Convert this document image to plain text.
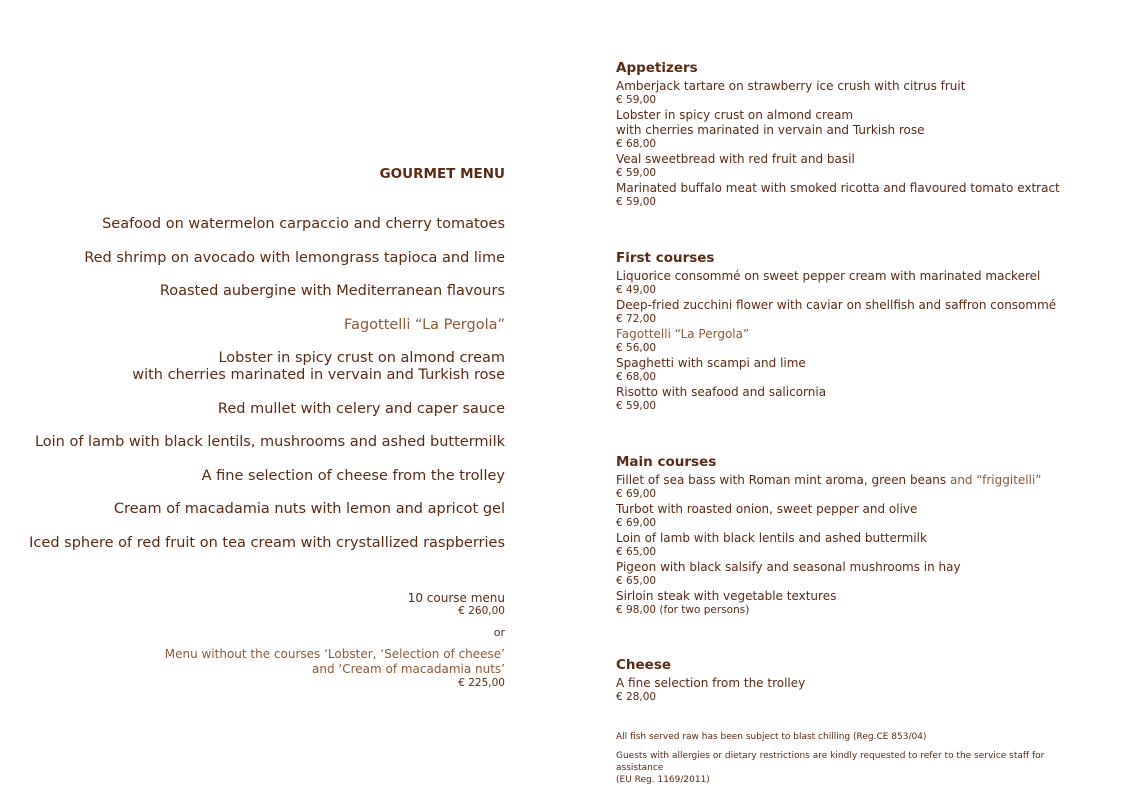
GOURMET MENU
Seafood on watermelon carpaccio and cherry tomatoes
Red shrimp on avocado with lemongrass tapioca and lime
Roasted aubergine with Mediterranean flavours
Fagottelli “La Pergola”
Lobster in spicy crust on almond cream
with cherries marinated in vervain and Turkish rose
Red mullet with celery and caper sauce
Loin of lamb with black lentils, mushrooms and ashed buttermilk
A fine selection of cheese from the trolley
Cream of macadamia nuts with lemon and apricot gel
Iced sphere of red fruit on tea cream with crystallized raspberries
10 course menu
€ 260,00
or
Menu without the courses ‘Lobster, ‘Selection of cheese’
and ‘Cream of macadamia nuts’
€ 225,00
Appetizers
Amberjack tartare on strawberry ice crush with citrus fruit
€ 59,00
Lobster in spicy crust on almond cream
with cherries marinated in vervain and Turkish rose
€ 68,00
Veal sweetbread with red fruit and basil
€ 59,00
Marinated buffalo meat with smoked ricotta and flavoured tomato extract
€ 59,00
First courses
Liquorice consommé on sweet pepper cream with marinated mackerel
€ 49,00
Deep-fried zucchini flower with caviar on shellfish and saffron consommé
€ 72,00
Fagottelli “La Pergola”
€ 56,00
Spaghetti with scampi and lime
€ 68,00
Risotto with seafood and salicornia
€ 59,00
Main courses
Fillet of sea bass with Roman mint aroma, green beans and “friggitelli”
€ 69,00
Turbot with roasted onion, sweet pepper and olive
€ 69,00
Loin of lamb with black lentils and ashed buttermilk
€ 65,00
Pigeon with black salsify and seasonal mushrooms in hay
€ 65,00
Sirloin steak with vegetable textures
€ 98,00 (for two persons)
Cheese
A fine selection from the trolley
€ 28,00

All fish served raw has been subject to blast chilling (Reg.CE 853/04)

Guests with allergies or dietary restrictions are kindly requested to refer to the service staff for assistance
(EU Reg. 1169/2011)
